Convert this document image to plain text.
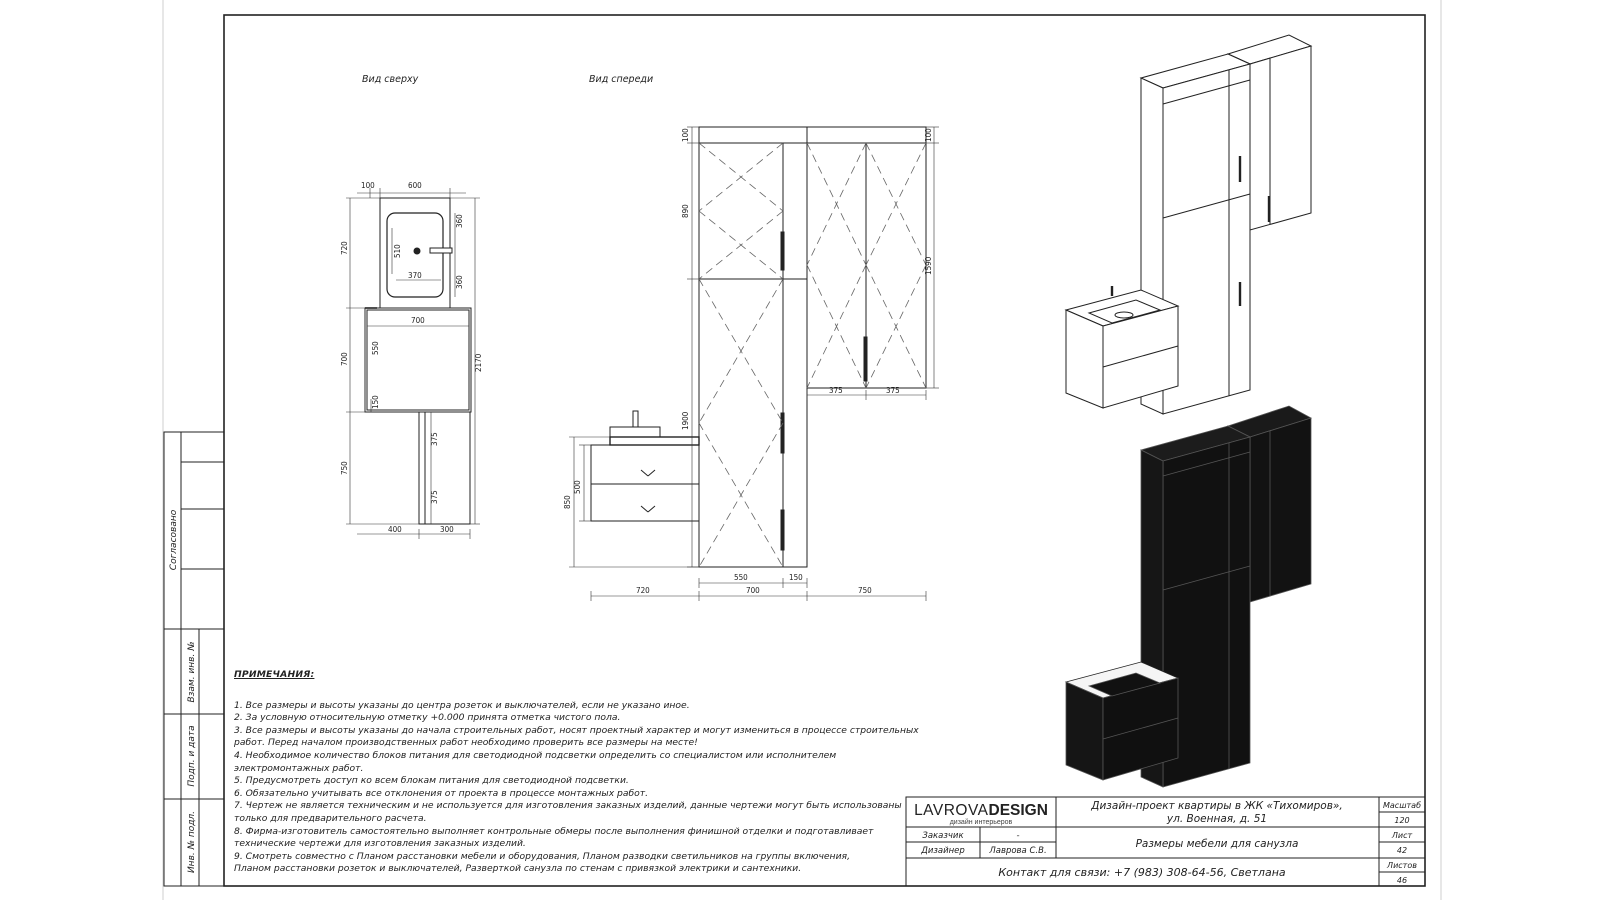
Согласовано
Взам. инв. №
Подп. и дата
Инв. № подл.
Вид сверху	Вид спереди
100	600
720
360
510
370	360
700
700
550
2170
150
750
375
375
400	300
100
890
1900
850
500
100
1590
375	375
550	150
720	700	750
LAVROVADESIGN
дизайн интерьеров
Дизайн-проект квартиры в ЖК «Тихомиров»,
ул. Военная, д. 51
Заказчик	-
Дизайнер	Лаврова С.В.
Размеры мебели для санузла
Контакт для связи: +7 (983) 308-64-56, Светлана
Масштаб
120
Лист
42
Листов
46
ПРИМЕЧАНИЯ:
1. Все размеры и высоты указаны до центра розеток и выключателей, если не указано иное.
2. За условную относительную отметку +0.000 принята отметка чистого пола.
3. Все размеры и высоты указаны до начала строительных работ, носят проектный характер и могут измениться в процессе строительных
работ. Перед началом производственных работ необходимо проверить все размеры на месте!
4. Необходимое количество блоков питания для светодиодной подсветки определить со специалистом или исполнителем
электромонтажных работ.
5. Предусмотреть доступ ко всем блокам питания для светодиодной подсветки.
6. Обязательно учитывать все отклонения от проекта в процессе монтажных работ.
7. Чертеж не является техническим и не используется для изготовления заказных изделий, данные чертежи могут быть использованы
только для предварительного расчета.
8. Фирма-изготовитель самостоятельно выполняет контрольные обмеры после выполнения финишной отделки и подготавливает
технические чертежи для изготовления заказных изделий.
9. Смотреть совместно с Планом расстановки мебели и оборудования, Планом разводки светильников на группы включения,
Планом расстановки розеток и выключателей, Разверткой санузла по стенам с привязкой электрики и сантехники.
